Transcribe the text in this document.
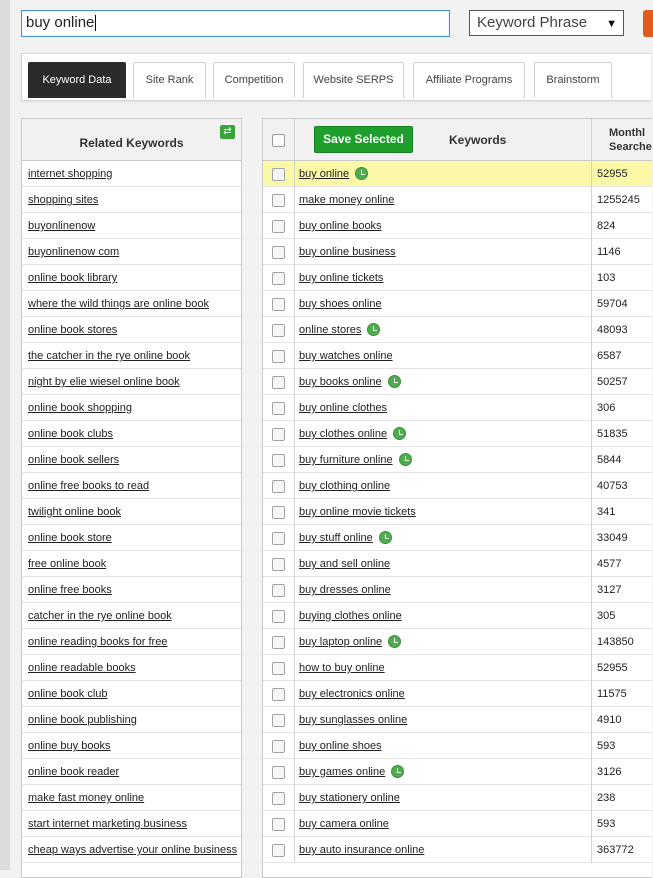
buy online	Keyword Phrase ▼
Keyword Data	Site Rank	Competition	Website SERPS	Affiliate Programs	Brainstorm
Related Keywords
⇄
internet shopping
shopping sites
buyonlinenow
buyonlinenow com
online book library
where the wild things are online book
online book stores
the catcher in the rye online book
night by elie wiesel online book
online book shopping
online book clubs
online book sellers
online free books to read
twilight online book
online book store
free online book
online free books
catcher in the rye online book
online reading books for free
online readable books
online book club
online book publishing
online buy books
online book reader
make fast money online
start internet marketing business
cheap ways advertise your online business
Save Selected	Keywords	Monthl
Searche
buy online	52955
make money online	1255245
buy online books	824
buy online business	1146
buy online tickets	103
buy shoes online	59704
online stores	48093
buy watches online	6587
buy books online	50257
buy online clothes	306
buy clothes online	51835
buy furniture online	5844
buy clothing online	40753
buy online movie tickets	341
buy stuff online	33049
buy and sell online	4577
buy dresses online	3127
buying clothes online	305
buy laptop online	143850
how to buy online	52955
buy electronics online	11575
buy sunglasses online	4910
buy online shoes	593
buy games online	3126
buy stationery online	238
buy camera online	593
buy auto insurance online	363772
